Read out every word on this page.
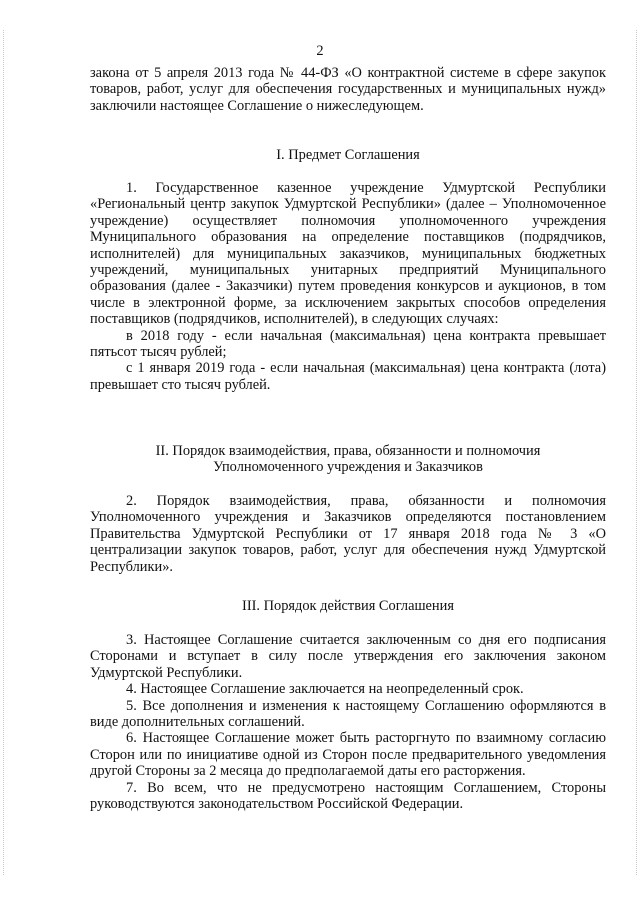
2

закона от 5 апреля 2013 года № 44-ФЗ «О контрактной системе в сфере закупок товаров, работ, услуг для обеспечения государственных и муниципальных нужд» заключили настоящее Соглашение о нижеследующем.

I. Предмет Соглашения

1. Государственное казенное учреждение Удмуртской Республики «Региональный центр закупок Удмуртской Республики» (далее – Уполномоченное учреждение) осуществляет полномочия уполномоченного учреждения Муниципального образования на определение поставщиков (подрядчиков, исполнителей) для муниципальных заказчиков, муниципальных бюджетных учреждений, муниципальных унитарных предприятий Муниципального образования (далее - Заказчики) путем проведения конкурсов и аукционов, в том числе в электронной форме, за исключением закрытых способов определения поставщиков (подрядчиков, исполнителей), в следующих случаях:

в 2018 году - если начальная (максимальная) цена контракта превышает пятьсот тысяч рублей;

с 1 января 2019 года - если начальная (максимальная) цена контракта (лота) превышает сто тысяч рублей.

II. Порядок взаимодействия, права, обязанности и полномочия

Уполномоченного учреждения и Заказчиков

2. Порядок взаимодействия, права, обязанности и полномочия Уполномоченного учреждения и Заказчиков определяются постановлением Правительства Удмуртской Республики от 17 января 2018 года № 3 «О централизации закупок товаров, работ, услуг для обеспечения нужд Удмуртской Республики».

III. Порядок действия Соглашения

3. Настоящее Соглашение считается заключенным со дня его подписания Сторонами и вступает в силу после утверждения его заключения законом Удмуртской Республики.

4. Настоящее Соглашение заключается на неопределенный срок.

5. Все дополнения и изменения к настоящему Соглашению оформляются в виде дополнительных соглашений.

6. Настоящее Соглашение может быть расторгнуто по взаимному согласию Сторон или по инициативе одной из Сторон после предварительного уведомления другой Стороны за 2 месяца до предполагаемой даты его расторжения.

7. Во всем, что не предусмотрено настоящим Соглашением, Стороны руководствуются законодательством Российской Федерации.
